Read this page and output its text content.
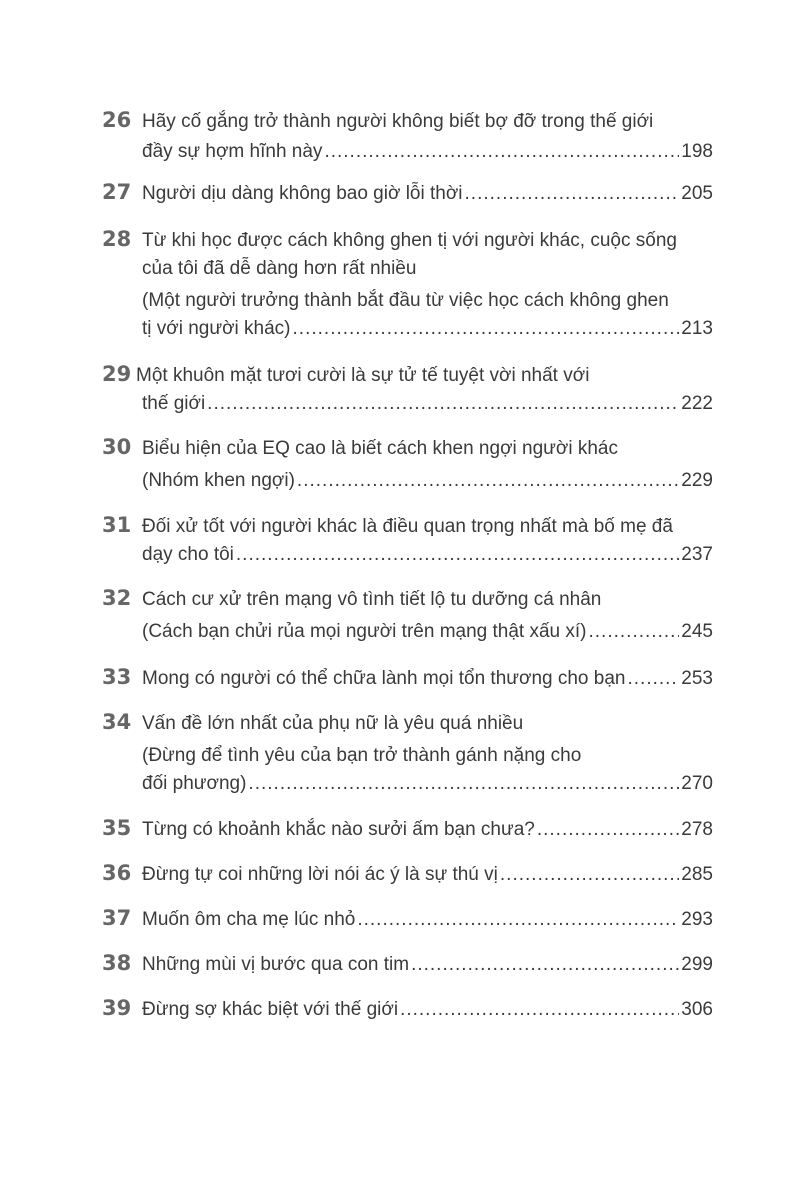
26 Hãy cố gắng trở thành người không biết bợ đỡ trong thế giới
đầy sự hợm hĩnh này .....	198
27 Người dịu dàng không bao giờ lỗi thời .....	205
28 Từ khi học được cách không ghen tị với người khác, cuộc sống
của tôi đã dễ dàng hơn rất nhiều
(Một người trưởng thành bắt đầu từ việc học cách không ghen
tị với người khác) .....	213
29 Một khuôn mặt tươi cười là sự tử tế tuyệt vời nhất với
thế giới .....	222
30 Biểu hiện của EQ cao là biết cách khen ngợi người khác
(Nhóm khen ngợi) .....	229
31 Đối xử tốt với người khác là điều quan trọng nhất mà bố mẹ đã
dạy cho tôi .....	237
32 Cách cư xử trên mạng vô tình tiết lộ tu dưỡng cá nhân
(Cách bạn chửi rủa mọi người trên mạng thật xấu xí) .....	245
33 Mong có người có thể chữa lành mọi tổn thương cho bạn .....	253
34 Vấn đề lớn nhất của phụ nữ là yêu quá nhiều
(Đừng để tình yêu của bạn trở thành gánh nặng cho
đối phương) .....	270
35 Từng có khoảnh khắc nào sưởi ấm bạn chưa? .....	278
36 Đừng tự coi những lời nói ác ý là sự thú vị .....	285
37 Muốn ôm cha mẹ lúc nhỏ .....	293
38 Những mùi vị bước qua con tim .....	299
39 Đừng sợ khác biệt với thế giới .....	306
